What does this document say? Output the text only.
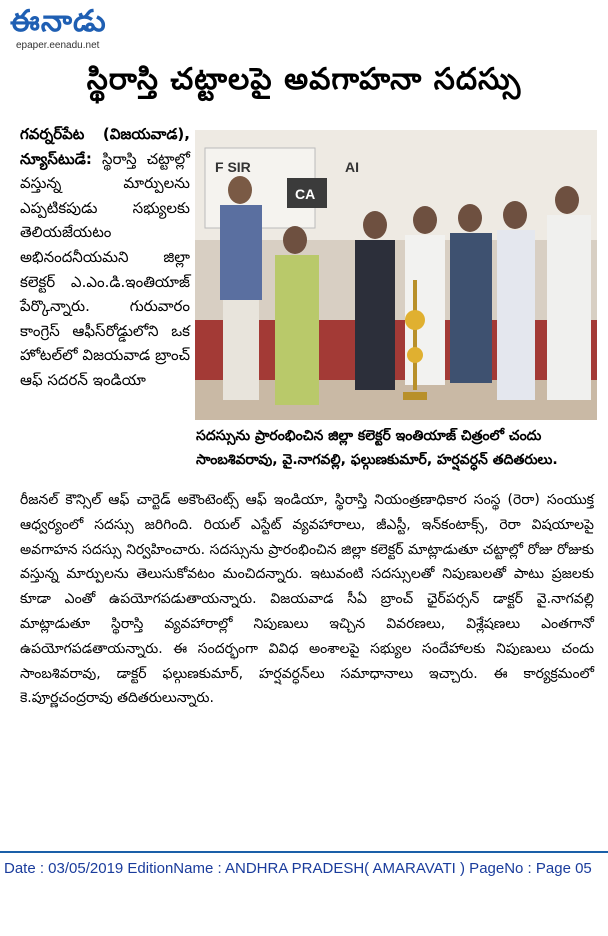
ఈనాడు
epaper.eenadu.net
స్థిరాస్తి చట్టాలపై అవగాహనా సదస్సు
గవర్నర్‌పేట (విజయవాడ), న్యూస్‌టుడే: స్థిరాస్తి చట్టాల్లో వస్తున్న మార్పులను ఎప్పటికపుడు సభ్యులకు తెలియజేయటం అభినందనీయమని జిల్లా కలెక్టర్ ఎ.ఎం.డి.ఇంతియాజ్ పేర్కొన్నారు. గురువారం కాంగ్రెస్ ఆఫీస్‌రోడ్డులోని ఒక హోటల్‌లో విజయవాడ బ్రాంచ్ ఆఫ్ సదరన్ ఇండియా
F SIR	AI
CA
సదస్సును ప్రారంభించిన జిల్లా కలెక్టర్ ఇంతియాజ్ చిత్రంలో చందు
సాంబశివరావు, వై.నాగవల్లి, ఫల్గుణకుమార్, హర్షవర్ధన్ తదితరులు.
రీజనల్ కౌన్సిల్ ఆఫ్ చార్టెడ్ అకౌంటెంట్స్ ఆఫ్ ఇండియా, స్థిరాస్తి నియంత్రణాధికార సంస్థ (రెరా) సంయుక్త ఆధ్వర్యంలో సదస్సు జరిగింది. రియల్ ఎస్టేట్ వ్యవహారాలు, జీఎస్టీ, ఇన్‌కంటాక్స్, రెరా విషయాలపై అవగాహన సదస్సు నిర్వహించారు. సదస్సును ప్రారంభించిన జిల్లా కలెక్టర్ మాట్లాడుతూ చట్టాల్లో రోజు రోజుకు వస్తున్న మార్పులను తెలుసుకోవటం మంచిదన్నారు. ఇటువంటి సదస్సులతో నిపుణులతో పాటు ప్రజలకు కూడా ఎంతో ఉపయోగపడుతాయన్నారు. విజయవాడ సీఏ బ్రాంచ్ ఛైర్‌పర్సన్ డాక్టర్ వై.నాగవల్లి మాట్లాడుతూ స్థిరాస్తి వ్యవహారాల్లో నిపుణులు ఇచ్చిన వివరణలు, విశ్లేషణలు ఎంతగానో ఉపయోగపడతాయన్నారు. ఈ సందర్భంగా వివిధ అంశాలపై సభ్యుల సందేహాలకు నిపుణులు చందు సాంబశివరావు, డాక్టర్ ఫల్గుణకుమార్, హర్షవర్ధన్‌లు సమాధానాలు ఇచ్చారు. ఈ కార్యక్రమంలో కె.పూర్ణచంద్రరావు తదితరులున్నారు.
Date : 03/05/2019 EditionName : ANDHRA PRADESH( AMARAVATI ) PageNo : Page 05
